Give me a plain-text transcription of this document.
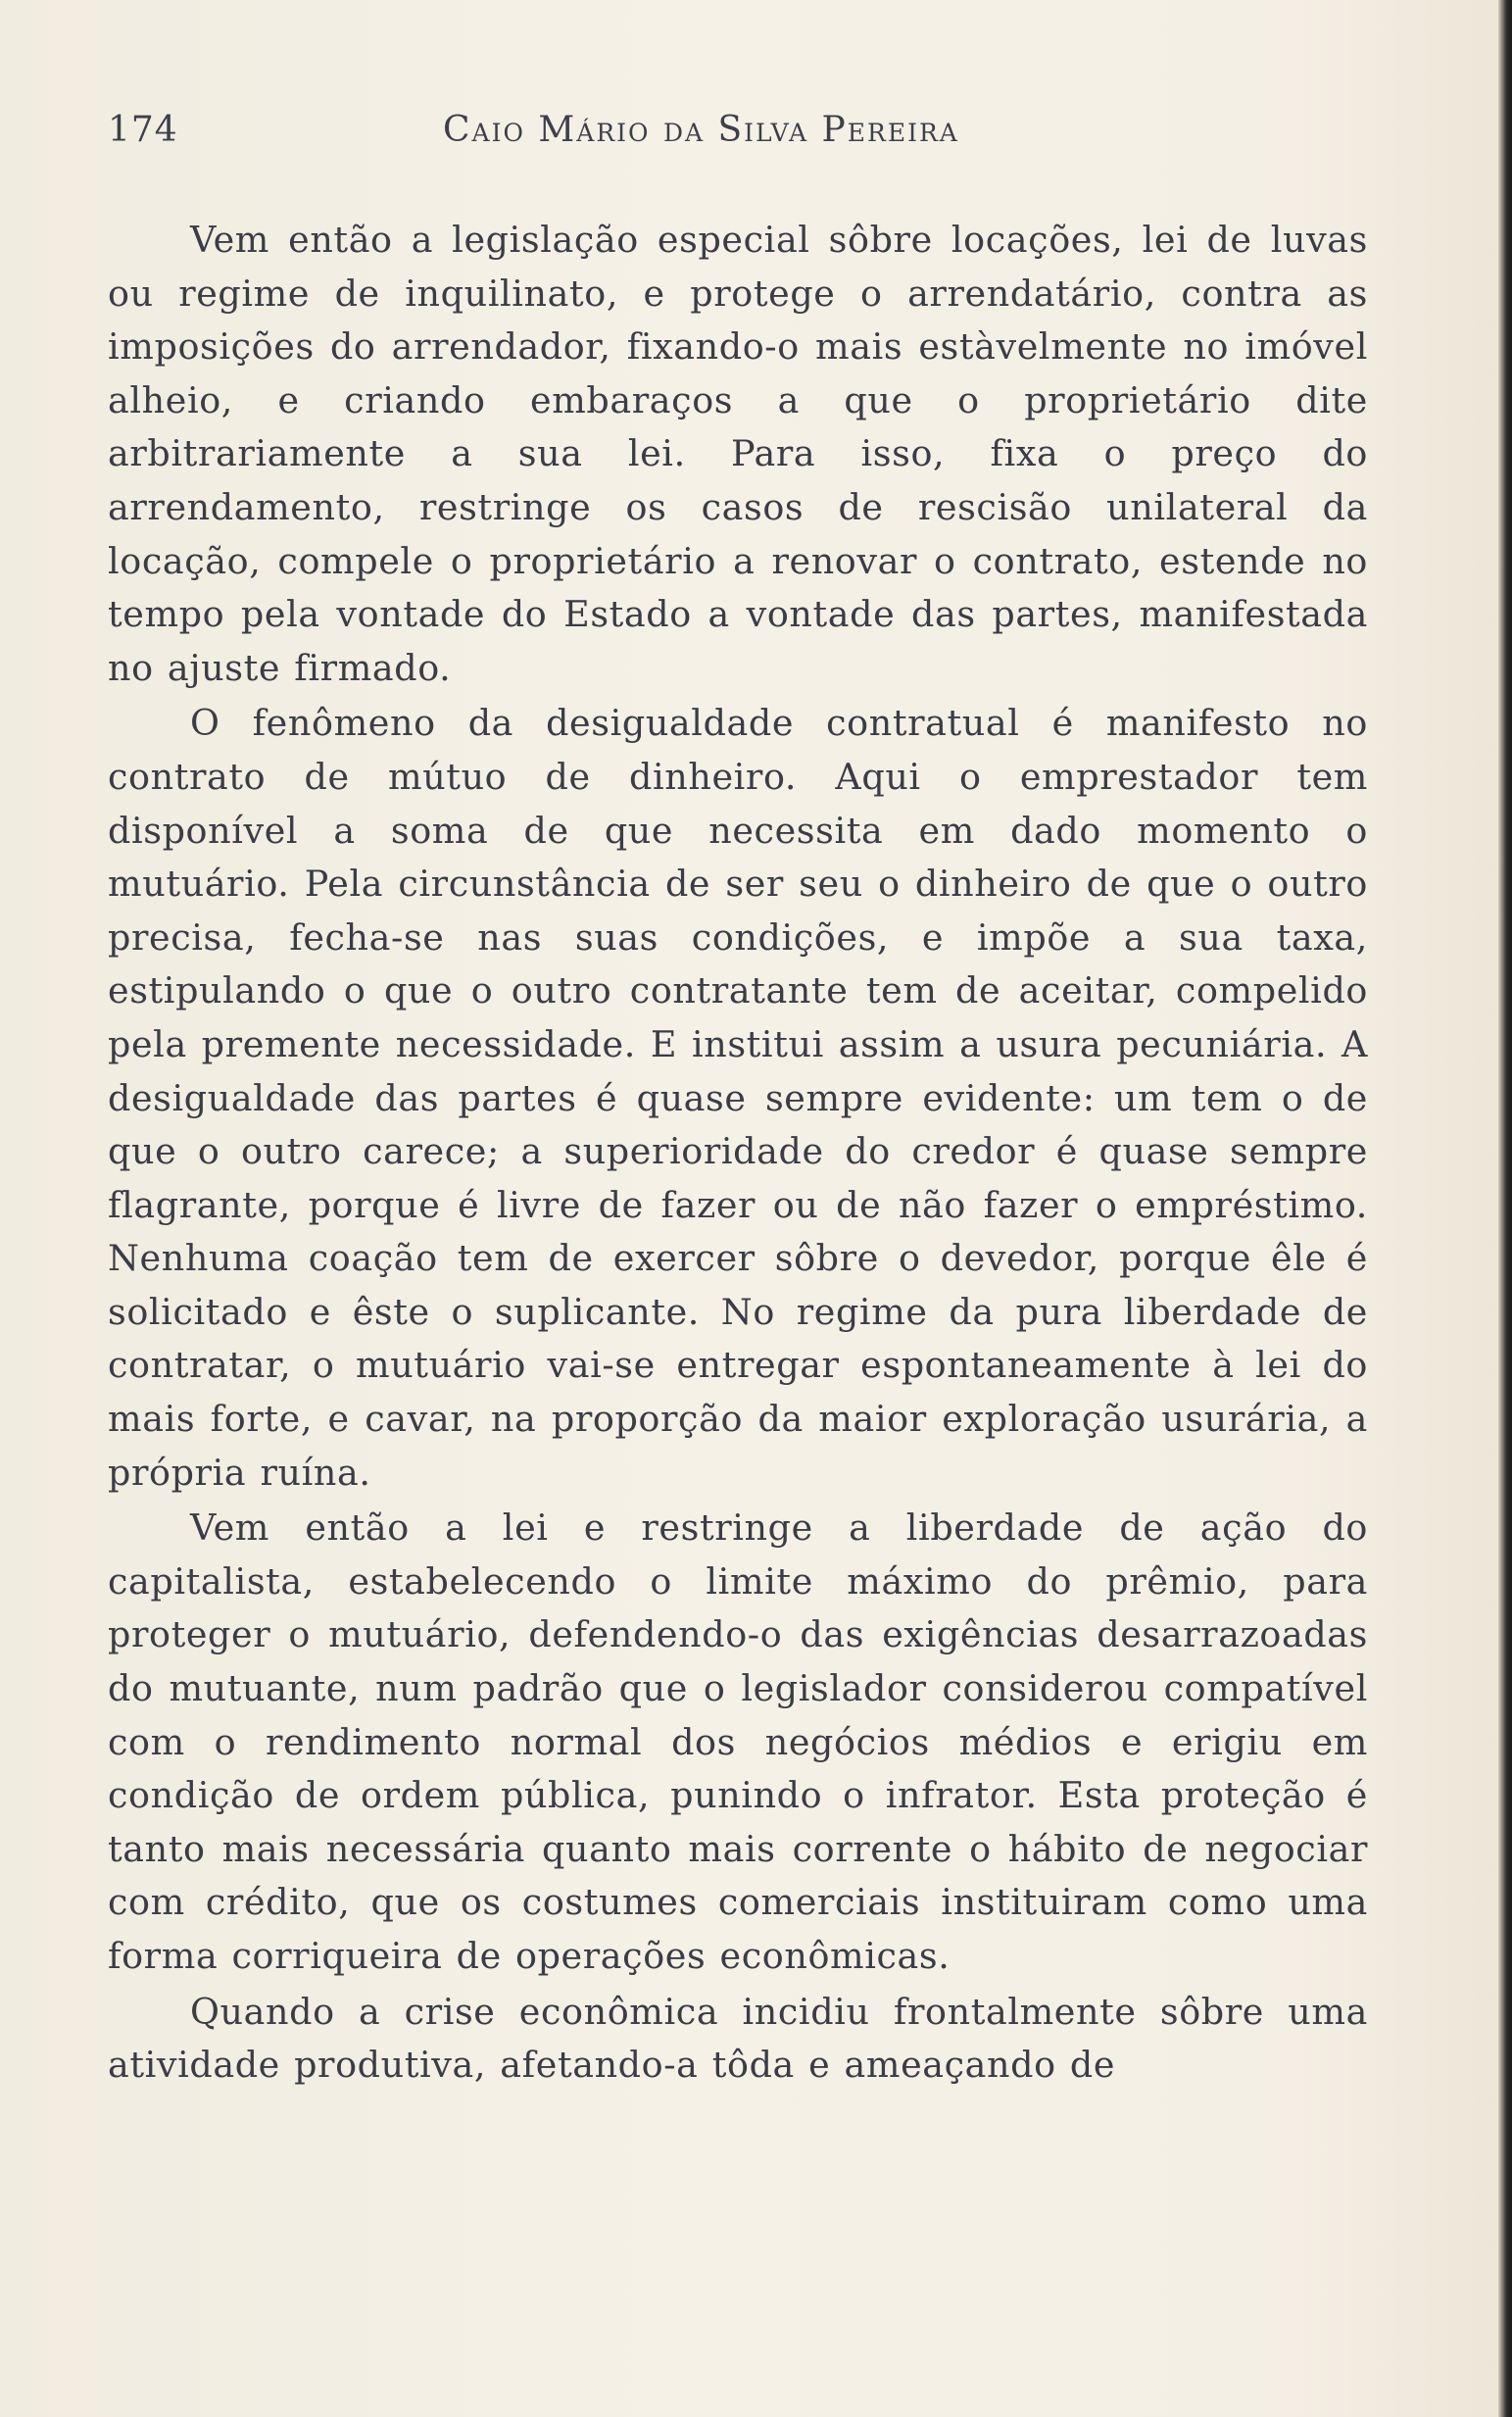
174	Caio Mário da Silva Pereira

Vem então a legislação especial sôbre locações, lei de luvas ou regime de inquilinato, e protege o arrendatário, contra as imposições do arrendador, fixando-o mais estàvelmente no imóvel alheio, e criando embaraços a que o proprietário dite arbitrariamente a sua lei. Para isso, fixa o preço do arrendamento, restringe os casos de rescisão unilateral da locação, compele o proprietário a renovar o contrato, estende no tempo pela vontade do Estado a vontade das partes, manifestada no ajuste firmado.

O fenômeno da desigualdade contratual é manifesto no contrato de mútuo de dinheiro. Aqui o emprestador tem disponível a soma de que necessita em dado momento o mutuário. Pela circunstância de ser seu o dinheiro de que o outro precisa, fecha-se nas suas condições, e impõe a sua taxa, estipulando o que o outro contratante tem de aceitar, compelido pela premente necessidade. E institui assim a usura pecuniária. A desigualdade das partes é quase sempre evidente: um tem o de que o outro carece; a superioridade do credor é quase sempre flagrante, porque é livre de fazer ou de não fazer o empréstimo. Nenhuma coação tem de exercer sôbre o devedor, porque êle é solicitado e êste o suplicante. No regime da pura liberdade de contratar, o mutuário vai-se entregar espontaneamente à lei do mais forte, e cavar, na proporção da maior exploração usurária, a própria ruína.

Vem então a lei e restringe a liberdade de ação do capitalista, estabelecendo o limite máximo do prêmio, para proteger o mutuário, defendendo-o das exigências desarrazoadas do mutuante, num padrão que o legislador considerou compatível com o rendimento normal dos negócios médios e erigiu em condição de ordem pública, punindo o infrator. Esta proteção é tanto mais necessária quanto mais corrente o hábito de negociar com crédito, que os costumes comerciais instituiram como uma forma corriqueira de operações econômicas.

Quando a crise econômica incidiu frontalmente sôbre uma atividade produtiva, afetando-a tôda e ameaçando de
